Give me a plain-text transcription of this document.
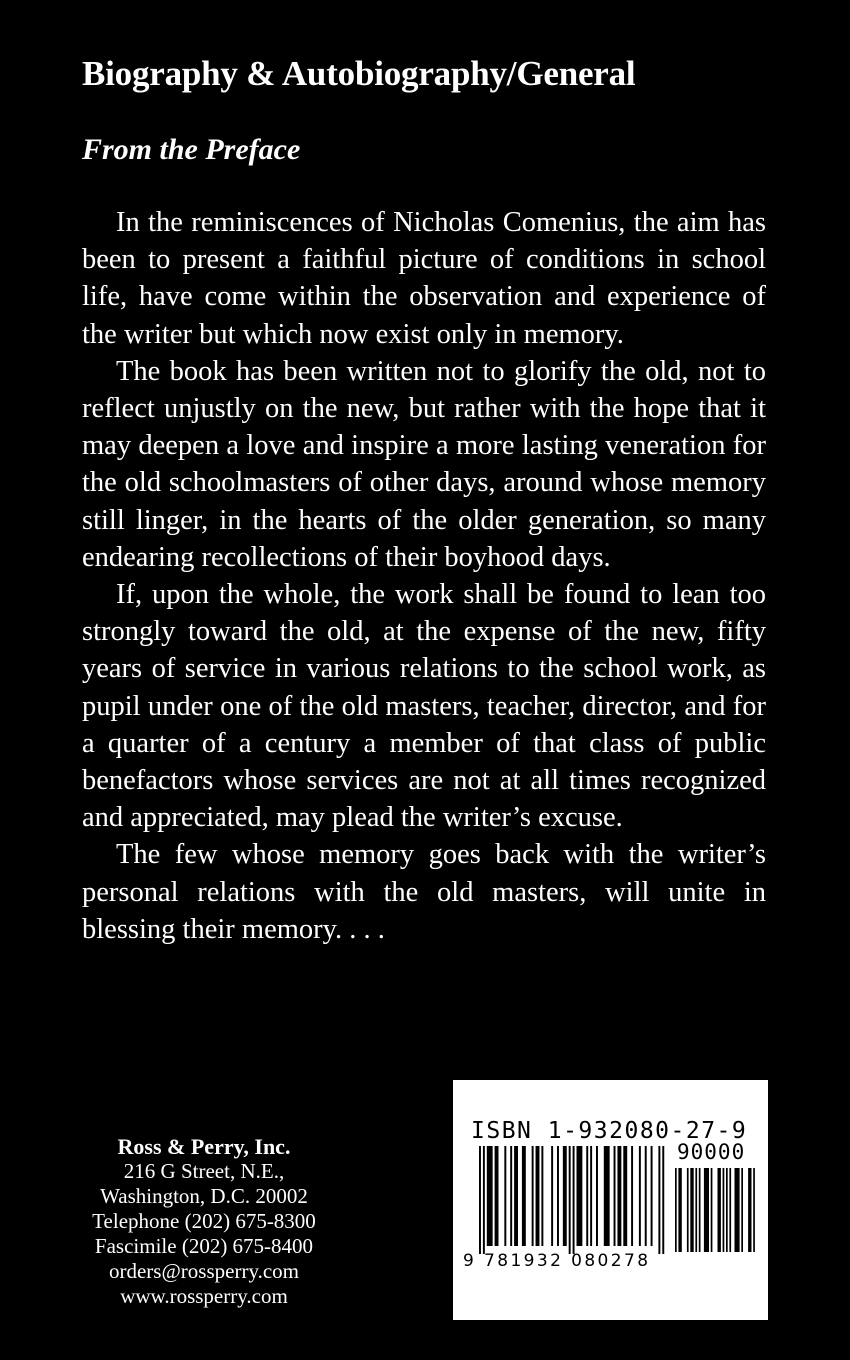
Biography & Autobiography/General
From the Preface

In the reminiscences of Nicholas Comenius, the aim has been to present a faithful picture of conditions in school life, have come within the observation and experience of the writer but which now exist only in memory.

The book has been written not to glorify the old, not to reflect unjustly on the new, but rather with the hope that it may deepen a love and inspire a more lasting veneration for the old schoolmasters of other days, around whose memory still linger, in the hearts of the older generation, so many endearing recollections of their boyhood days.

If, upon the whole, the work shall be found to lean too strongly toward the old, at the expense of the new, fifty years of service in various relations to the school work, as pupil under one of the old masters, teacher, director, and for a quarter of a century a member of that class of public benefactors whose services are not at all times recognized and appreciated, may plead the writer’s excuse.

The few whose memory goes back with the writer’s personal relations with the old masters, will unite in blessing their memory. . . .

Ross & Perry, Inc.
216 G Street, N.E.,
Washington, D.C. 20002
Telephone (202) 675-8300
Fascimile (202) 675-8400
orders@rossperry.com
www.rossperry.com
ISBN 1-932080-27-9
90000
9 781932 080278
